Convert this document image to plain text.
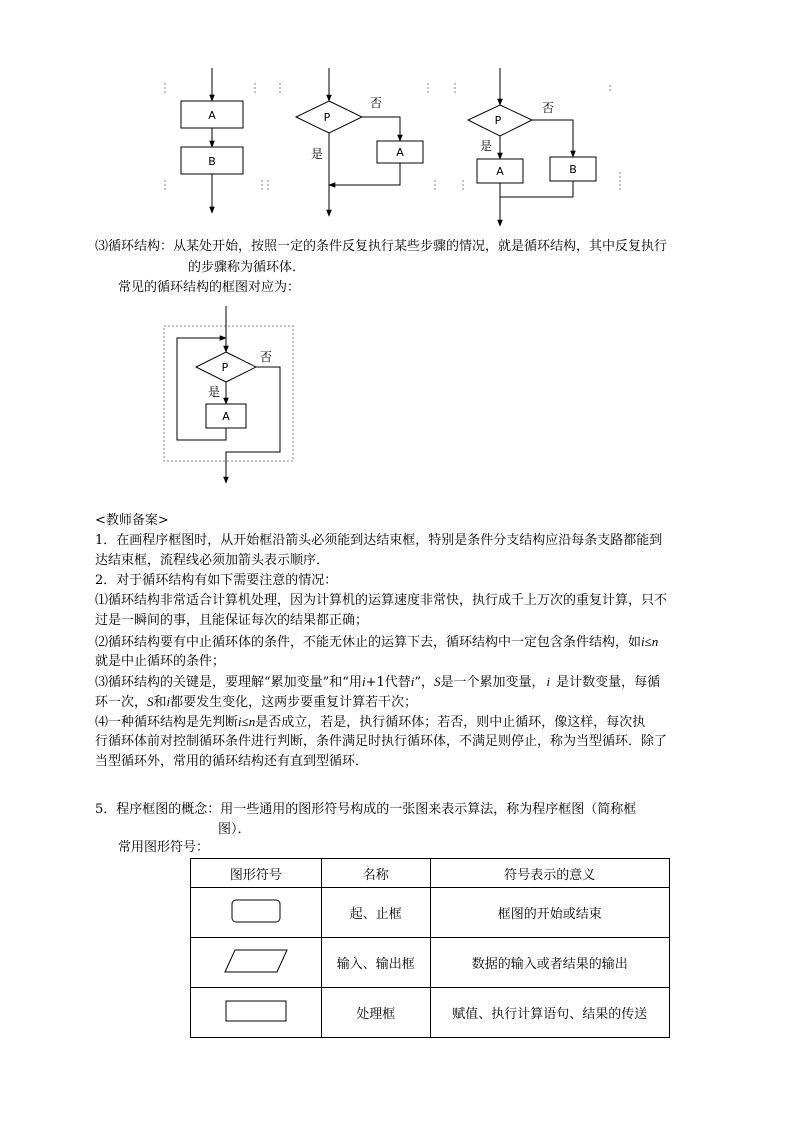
A
B
P
否
是	A
P
否
是
A	B
⑶循环结构：从某处开始，按照一定的条件反复执行某些步骤的情况，就是循环结构，其中反复执行
的步骤称为循环体．
常见的循环结构的框图对应为：
P
否
是
A
<教师备案>
1．在画程序框图时，从开始框沿箭头必须能到达结束框，特别是条件分支结构应沿每条支路都能到
达结束框，流程线必须加箭头表示顺序．
2．对于循环结构有如下需要注意的情况：
⑴循环结构非常适合计算机处理，因为计算机的运算速度非常快，执行成千上万次的重复计算，只不
过是一瞬间的事，且能保证每次的结果都正确；
⑵循环结构要有中止循环体的条件，不能无休止的运算下去，循环结构中一定包含条件结构，如i≤n
就是中止循环的条件；
⑶循环结构的关键是，要理解“累加变量”和“用i+1代替i”，S是一个累加变量， i 是计数变量，每循
环一次，S和i都要发生变化，这两步要重复计算若干次；
⑷一种循环结构是先判断i≤n是否成立，若是，执行循环体；若否，则中止循环，像这样，每次执
行循环体前对控制循环条件进行判断，条件满足时执行循环体，不满足则停止，称为当型循环．除了
当型循环外，常用的循环结构还有直到型循环．
5．程序框图的概念：用一些通用的图形符号构成的一张图来表示算法，称为程序框图（简称框
图）．
常用图形符号：
图形符号	名称	符号表示的意义
	起、止框	框图的开始或结束
	输入、输出框	数据的输入或者结果的输出
	处理框	赋值、执行计算语句、结果的传送
